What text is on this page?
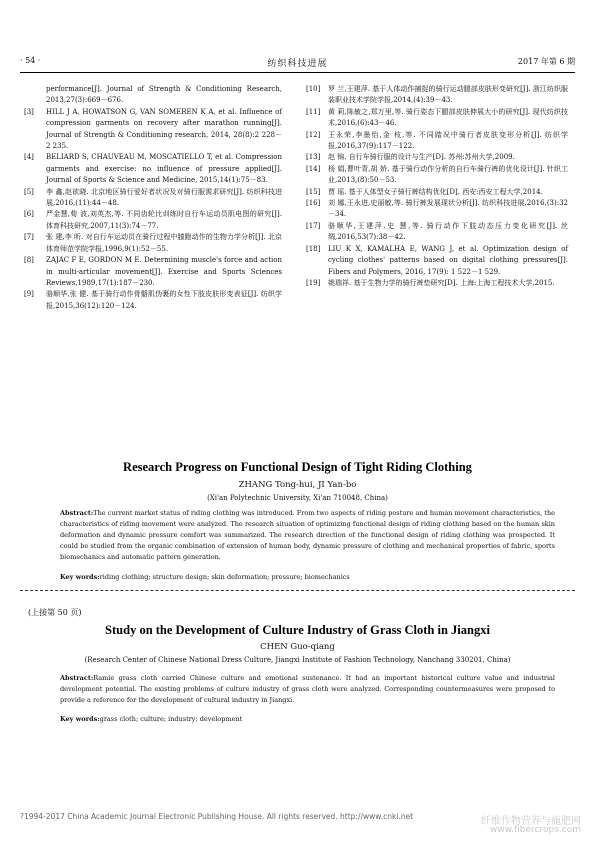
· 54 ·	纺织科技进展	2017 年第 6 期
performance[J]. Journal of Strength & Conditioning Research, 2013,27(3):669－676.
[3] HILL J A, HOWATSON G, VAN SOMEREN K A, et al. Influence of compression garments on recovery after marathon running[J]. Journal of Strength & Conditioning research, 2014, 28(8):2 228－2 235.
[4] BELIARD S, CHAUVEAU M, MOSCATIELLO T, et al. Compression garments and exercise: no influence of pressure applied[J]. Journal of Sports & Science and Medicine, 2015,14(1):75－83.
[5] 李 鑫,赵欲晓. 北京地区骑行爱好者状况及对骑行服需求研究[J]. 纺织科技进展,2016,(11):44－48.
[6] 严金慧,荀 波,刘英杰,等. 不同齿轮比训练时自行车运动员肌电图的研究[J]. 体育科技研究,2007,11(3):74－77.
[7] 张 建,李 昕. 对自行车运动员在骑行过程中膝蹬动作的生物力学分析[J]. 北京体育师范学院学报,1996,9(1):52－55.
[8] ZAJAC F E, GORDON M E. Determining muscle's force and action in multi-articular movement[J]. Exercise and Sports Sciences Reviews,1989,17(1):187－230.
[9] 骆顺华,张 健. 基于骑行动作骨骼肌伪裹的女性下肢皮肤形变表征[J]. 纺织学报,2015,36(12):120－124.
[10] 罗 兰,王建萍. 基于人体动作捕捉的骑行运动腿部皮肤形变研究[J]. 浙江纺织服装职业技术学院学报,2014,(4):39－43.
[11] 黄 莉,陈敏之,郑万里,等. 骑行姿态下腿部皮肤伸展大小的研究[J]. 现代纺织技术,2016,(6):43－46.
[12] 王永荣,李墨怡,金 枝,等. 不同踏况中骑行者皮肤变形分析[J]. 纺织学报,2016,37(9):117－122.
[13] 赵 锦. 自行车骑行服的设计与生产[D]. 苏州:苏州大学,2009.
[14] 杨 娟,曹叶青,胡 娇. 基于骑行动作分析的自行车骑行裤的优化设计[J]. 针织工业,2013,(8):50－53.
[15] 贾 瑶. 基于人体型女子骑行裤结构优化[D]. 西安:西安工程大学,2014.
[16] 刘 娜,王永进,史丽敏,等. 骑行裤发展现状分析[J]. 纺织科技进展,2016,(3):32－34.
[17] 骆顺华,王建萍,史 慧,等. 骑行动作下肢动态压力变化研究[J]. 丝绸,2016,53(7):38－42.
[18] LIU K X, KAMALHA E, WANG J, et al. Optimization design of cycling clothes' patterns based on digital clothing pressures[J]. Fibers and Polymers, 2016, 17(9): 1 522－1 529.
[19] 姚瑞祥. 基于生物力学的骑行裤垫研究[D]. 上海:上海工程技术大学,2015.
Research Progress on Functional Design of Tight Riding Clothing
ZHANG Tong-hui, JI Yan-bo
(Xi'an Polytechnic University, Xi'an 710048, China)
Abstract:The current market status of riding clothing was introduced. From two aspects of riding posture and human movement characteristics, the characteristics of riding movement were analyzed. The research situation of optimizing functional design of riding clothing based on the human skin deformation and dynamic pressure comfort was summarized. The research direction of the functional design of riding clothing was prospected. It could be studied from the organic combination of extension of human body, dynamic pressure of clothing and mechanical properties of fabric, sports biomechanics and automatic pattern generation.
Key words:riding clothing; structure design; skin deformation; pressure; biomechanics
(上接第 50 页)
Study on the Development of Culture Industry of Grass Cloth in Jiangxi
CHEN Guo-qiang
(Research Center of Chinese National Dress Culture, Jiangxi Institute of Fashion Technology, Nanchang 330201, China)
Abstract:Ramie grass cloth carried Chinese culture and emotional sustenance. It had an important historical culture value and industrial development potential. The existing problems of culture industry of grass cloth were analyzed. Corresponding countermeasures were proposed to provide a reference for the development of cultural industry in Jiangxi.
Key words:grass cloth; culture; industry; development
?1994-2017 China Academic Journal Electronic Publishing House. All rights reserved. http://www.cnki.net	纤维作物营养与施肥网
www.fibercrops.com
